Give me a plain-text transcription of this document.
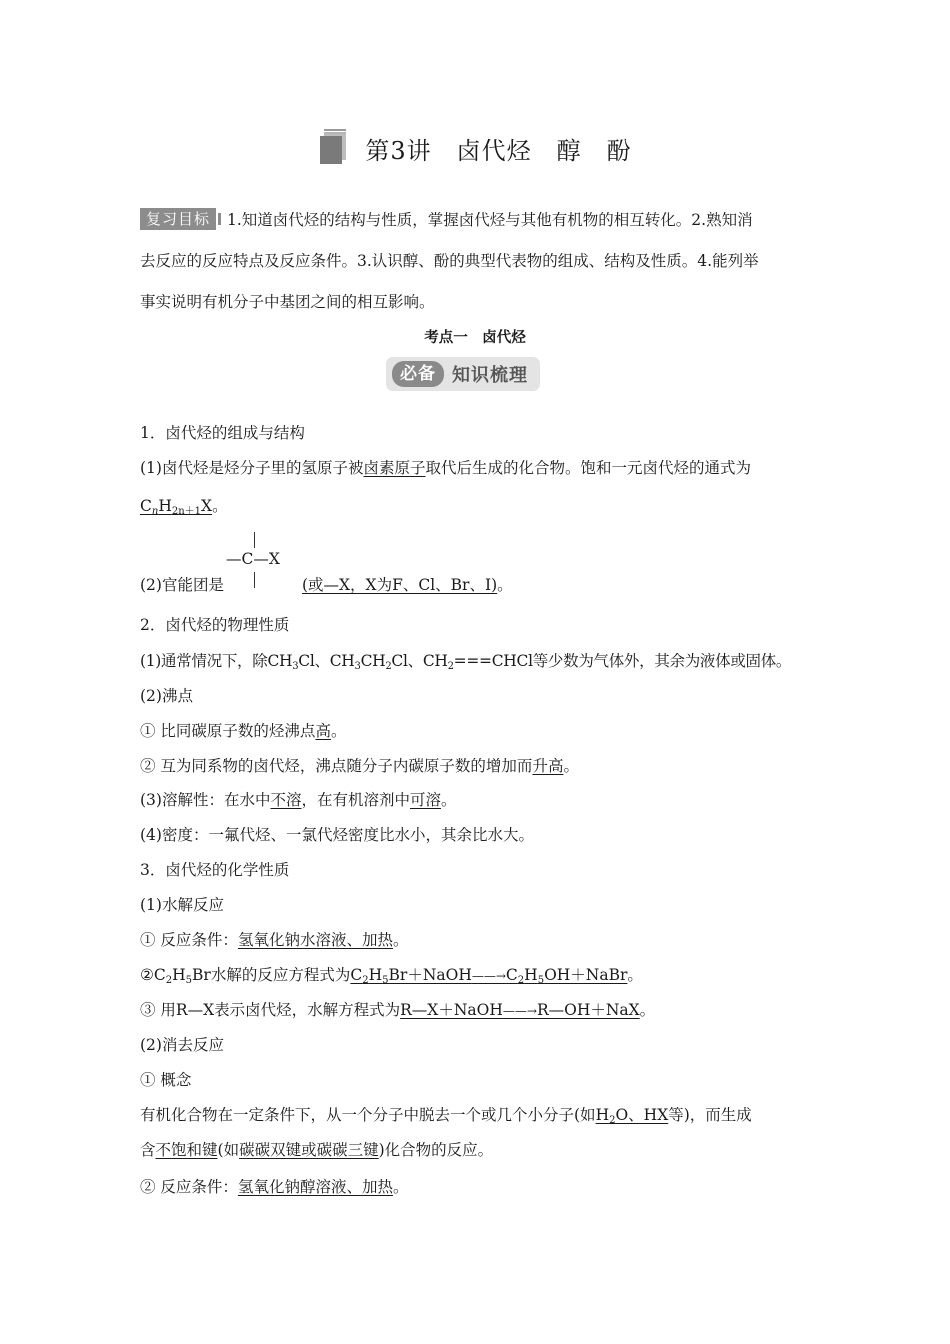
第3讲　卤代烃　醇　酚
复习目标 1.知道卤代烃的结构与性质，掌握卤代烃与其他有机物的相互转化。2.熟知消
去反应的反应特点及反应条件。3.认识醇、酚的典型代表物的组成、结构及性质。4.能列举
事实说明有机分子中基团之间的相互影响。
考点一　卤代烃
必备 知识梳理
1．卤代烃的组成与结构
(1)卤代烃是烃分子里的氢原子被卤素原子取代后生成的化合物。饱和一元卤代烃的通式为
$C_nH_{2n+1}X$。
—C—X
(2)官能团是	(或—X，X为F、Cl、Br、I)。
2．卤代烃的物理性质
(1)通常情况下，除$CH_3Cl$、$CH_3CH_2Cl$、$CH_2===CHCl$等少数为气体外，其余为液体或固体。
(2)沸点
① 比同碳原子数的烃沸点高。
② 互为同系物的卤代烃，沸点随分子内碳原子数的增加而升高。
(3)溶解性：在水中不溶，在有机溶剂中可溶。
(4)密度：一氟代烃、一氯代烃密度比水小，其余比水大。
3．卤代烃的化学性质
(1)水解反应
① 反应条件：氢氧化钠水溶液、加热。
$②C_2H_5Br$水解的反应方程式为$C_2H_5Br+NaOH——\to C_2H_5OH+NaBr$。
③ 用R—X表示卤代烃，水解方程式为R—X＋NaOH——→R—OH＋NaX。
(2)消去反应
① 概念
有机化合物在一定条件下，从一个分子中脱去一个或几个小分子(如$H_2O$、HX等)，而生成
含不饱和键(如碳碳双键或碳碳三键)化合物的反应。
② 反应条件：氢氧化钠醇溶液、加热。
